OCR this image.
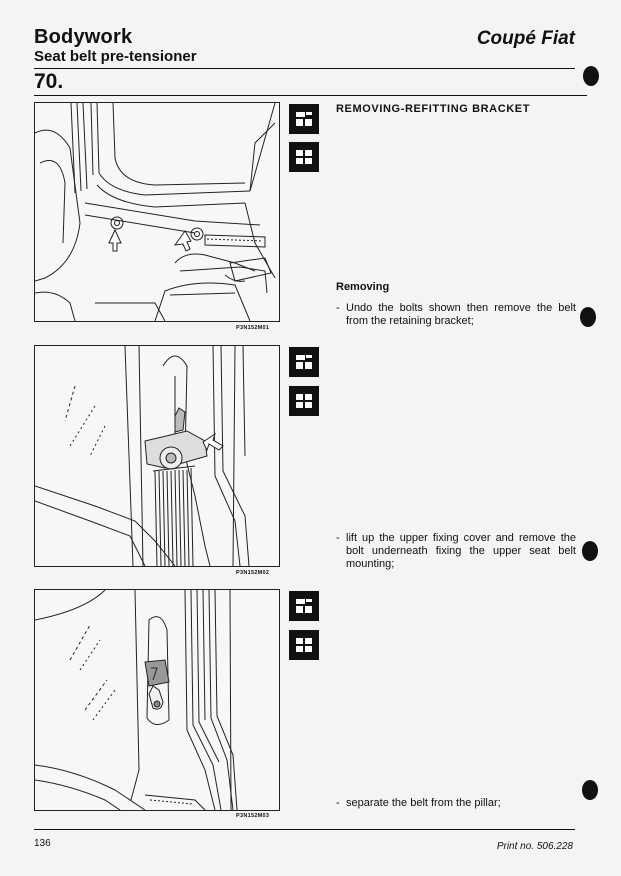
Bodywork	Coupé Fiat
Seat belt pre-tensioner
70.
P3N152M01
P3N152M02
P3N152M03
REMOVING-REFITTING BRACKET
Removing
- Undo the bolts shown then remove the belt from the retaining bracket;
- lift up the upper fixing cover and remove the bolt underneath fixing the upper seat belt mounting;
- separate the belt from the pillar;
136	Print no. 506.228
